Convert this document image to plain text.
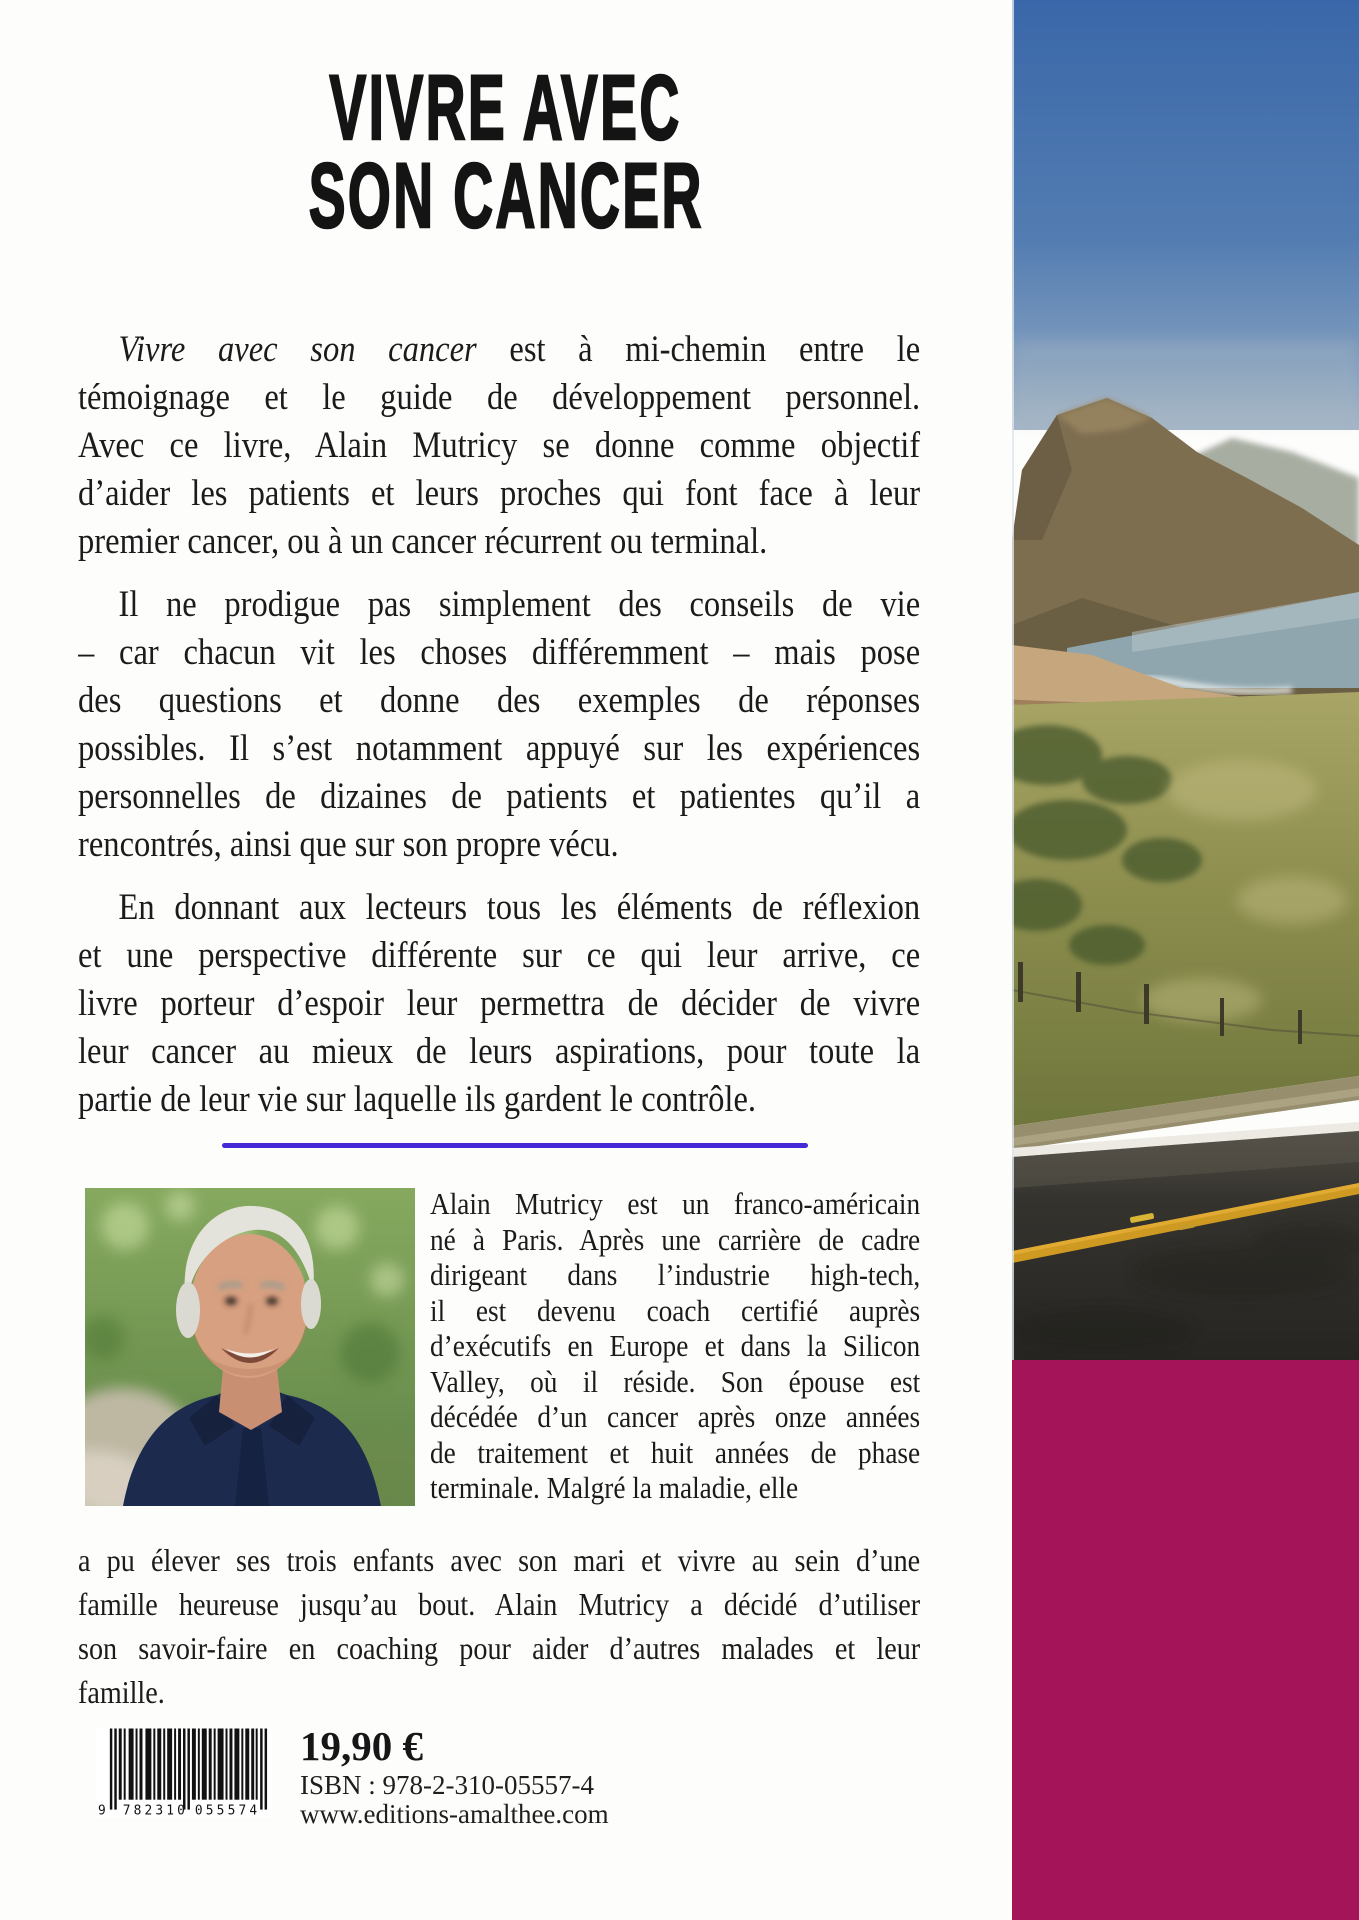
VIVRE AVEC
SON CANCER
Vivre avec son cancer est à mi-chemin entre le
témoignage et le guide de développement personnel.
Avec ce livre, Alain Mutricy se donne comme objectif
d’aider les patients et leurs proches qui font face à leur
premier cancer, ou à un cancer récurrent ou terminal.
Il ne prodigue pas simplement des conseils de vie
– car chacun vit les choses différemment – mais pose
des questions et donne des exemples de réponses
possibles. Il s’est notamment appuyé sur les expériences
personnelles de dizaines de patients et patientes qu’il a
rencontrés, ainsi que sur son propre vécu.
En donnant aux lecteurs tous les éléments de réflexion
et une perspective différente sur ce qui leur arrive, ce
livre porteur d’espoir leur permettra de décider de vivre
leur cancer au mieux de leurs aspirations, pour toute la
partie de leur vie sur laquelle ils gardent le contrôle.
Alain Mutricy est un franco-américain
né à Paris. Après une carrière de cadre
dirigeant dans l’industrie high-tech,
il est devenu coach certifié auprès
d’exécutifs en Europe et dans la Silicon
Valley, où il réside. Son épouse est
décédée d’un cancer après onze années
de traitement et huit années de phase
terminale. Malgré la maladie, elle
a pu élever ses trois enfants avec son mari et vivre au sein d’une
famille heureuse jusqu’au bout. Alain Mutricy a décidé d’utiliser
son savoir-faire en coaching pour aider d’autres malades et leur
famille.
9 782310 055574
19,90 €
ISBN : 978-2-310-05557-4
www.editions-amalthee.com
